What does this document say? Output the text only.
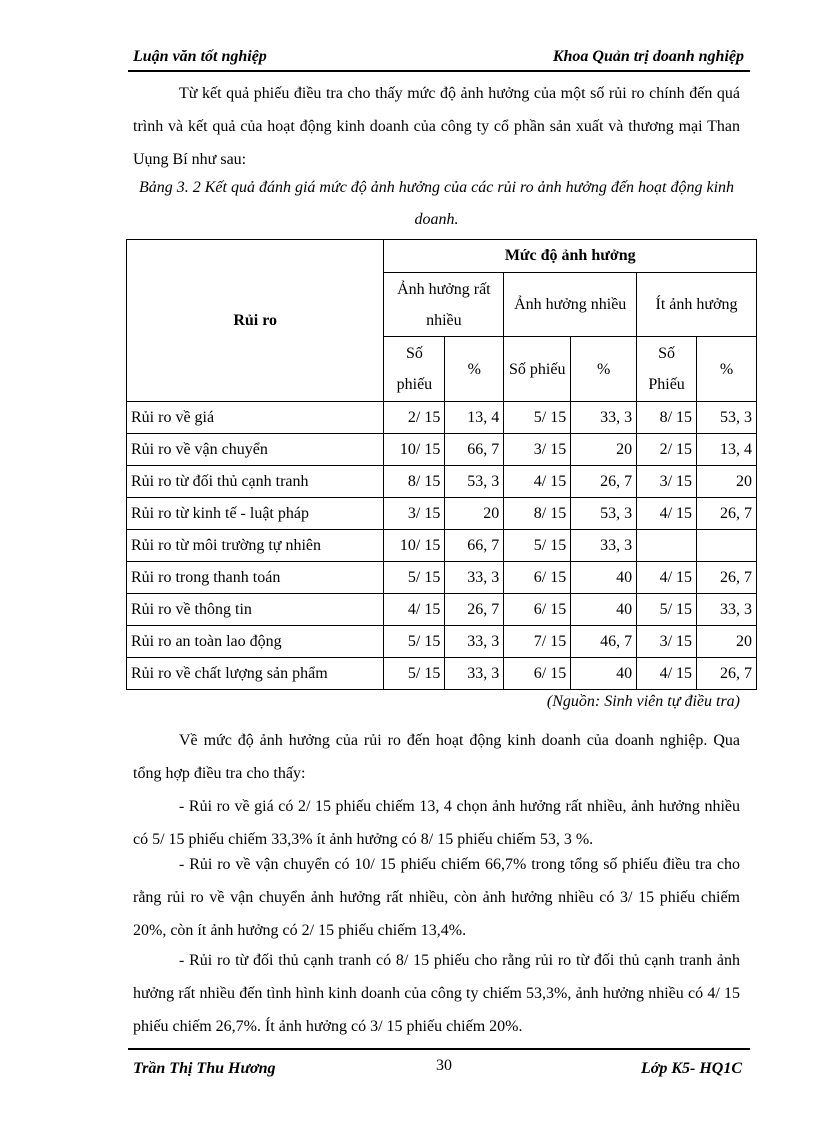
Luận văn tốt nghiệp	Khoa Quản trị doanh nghiệp

Từ kết quả phiếu điều tra cho thấy mức độ ảnh hưởng của một số rủi ro chính đến quá trình và kết quả của hoạt động kinh doanh của công ty cổ phần sản xuất và thương mại Than Uụng Bí như sau:

Bảng 3. 2 Kết quả đánh giá mức độ ảnh hưởng của các rủi ro ảnh hưởng đến hoạt động kinh doanh.

Rủi ro	Mức độ ảnh hưởng					
	Ảnh hưởng rất nhiều		Ảnh hưởng nhiều		Ít ảnh hưởng	
	Số phiếu	%	Số phiếu	%	Số Phiếu	%
Rủi ro về giá	2/ 15	13, 4	5/ 15	33, 3	8/ 15	53, 3
Rủi ro về vận chuyển	10/ 15	66, 7	3/ 15	20	2/ 15	13, 4
Rủi ro từ đối thủ cạnh tranh	8/ 15	53, 3	4/ 15	26, 7	3/ 15	20
Rủi ro từ kinh tế - luật pháp	3/ 15	20	8/ 15	53, 3	4/ 15	26, 7
Rủi ro từ môi trường tự nhiên	10/ 15	66, 7	5/ 15	33, 3		
Rủi ro trong thanh toán	5/ 15	33, 3	6/ 15	40	4/ 15	26, 7
Rủi ro về thông tin	4/ 15	26, 7	6/ 15	40	5/ 15	33, 3
Rủi ro an toàn lao động	5/ 15	33, 3	7/ 15	46, 7	3/ 15	20
Rủi ro về chất lượng sản phẩm	5/ 15	33, 3	6/ 15	40	4/ 15	26, 7
(Nguồn: Sinh viên tự điều tra)

Về mức độ ảnh hưởng của rủi ro đến hoạt động kinh doanh của doanh nghiệp. Qua tổng hợp điều tra cho thấy:

- Rủi ro về giá có 2/ 15 phiếu chiếm 13, 4 chọn ảnh hưởng rất nhiều, ảnh hưởng nhiều có 5/ 15 phiếu chiếm 33,3% ít ảnh hưởng có 8/ 15 phiếu chiếm 53, 3 %.

- Rủi ro về vận chuyển có 10/ 15 phiếu chiếm 66,7% trong tổng số phiếu điều tra cho rằng rủi ro về vận chuyển ảnh hưởng rất nhiều, còn ảnh hưởng nhiều có 3/ 15 phiếu chiếm 20%, còn ít ảnh hưởng có 2/ 15 phiếu chiếm 13,4%.

- Rủi ro từ đối thủ cạnh tranh có 8/ 15 phiếu cho rằng rủi ro từ đối thủ cạnh tranh ảnh hưởng rất nhiều đến tình hình kinh doanh của công ty chiếm 53,3%, ảnh hưởng nhiều có 4/ 15 phiếu chiếm 26,7%. Ít ảnh hưởng có 3/ 15 phiếu chiếm 20%.

Trần Thị Thu Hương	30	Lớp K5- HQ1C
